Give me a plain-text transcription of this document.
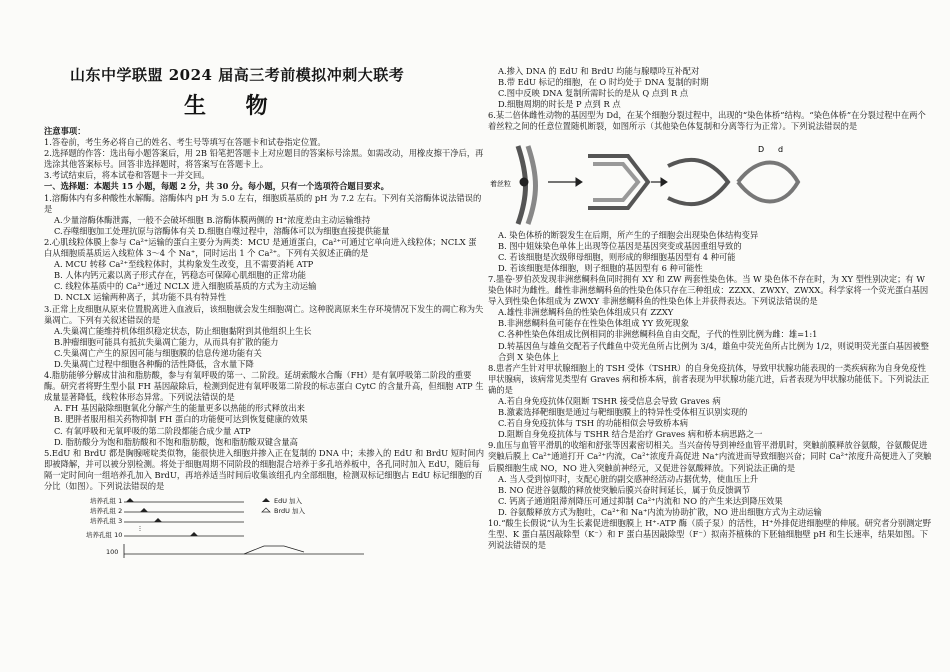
山东中学联盟 2024 届高三考前模拟冲刺大联考
生 物

注意事项：

1.答卷前，考生务必将自己的姓名、考生号等填写在答题卡和试卷指定位置。

2.选择题的作答：选出每小题答案后，用 2B 铅笔把答题卡上对应题目的答案标号涂黑。如需改动，用橡皮擦干净后，再选涂其他答案标号。回答非选择题时，将答案写在答题卡上。

3.考试结束后，将本试卷和答题卡一并交回。

一、选择题：本题共 15 小题，每题 2 分，共 30 分。每小题，只有一个选项符合题目要求。

1.溶酶体内有多种酸性水解酶。溶酶体内 pH 为 5.0 左右，细胞质基质的 pH 为 7.2 左右。下列有关溶酶体说法错误的是

A.少量溶酶体酶泄露，一般不会破坏细胞 B.溶酶体膜两侧的 H⁺浓度差由主动运输维持

C.吞噬细胞加工处理抗原与溶酶体有关 D.细胞自噬过程中，溶酶体可以为细胞直接提供能量

2.心肌线粒体膜上参与 Ca²⁺运输的蛋白主要分为两类：MCU 是通道蛋白，Ca²⁺可通过它单向进入线粒体；NCLX 蛋白从细胞质基质运入线粒体 3～4 个 Na⁺，同时运出 1 个 Ca²⁺。下列有关叙述正确的是

A. MCU 转移 Ca²⁺至线粒体时，其构象发生改变，且不需要消耗 ATP

B. 人体内钙元素以离子形式存在，钙稳态可保障心肌细胞的正常功能

C. 线粒体基质中的 Ca²⁺通过 NCLX 进入细胞质基质的方式为主动运输

D. NCLX 运输两种离子，其功能不具有特异性

3.正常上皮细胞从原来位置脱离进入血液后，该细胞就会发生细胞凋亡。这种脱离原来生存环境情况下发生的凋亡称为失巢凋亡。下列有关叙述错误的是

A.失巢凋亡能维持机体组织稳定状态，防止细胞黏附到其他组织上生长

B.肿瘤细胞可能具有抵抗失巢凋亡能力，从而具有扩散的能力

C.失巢凋亡产生的原因可能与细胞膜的信息传递功能有关

D.失巢凋亡过程中细胞各种酶的活性降低，含水量下降

4.脂肪能够分解成甘油和脂肪酸，参与有氧呼吸的第一、二阶段。延胡索酸水合酶（FH）是有氧呼吸第二阶段的重要酶。研究者将野生型小鼠 FH 基因敲除后，检测到促进有氧呼吸第二阶段的标志蛋白 CytC 的含量升高，但细胞 ATP 生成量显著降低，线粒体形态异常。下列说法错误的是

A. FH 基因敲除细胞氧化分解产生的能量更多以热能的形式释放出来

B. 肥胖者服用相关药物抑制 FH 蛋白的功能便可达到恢复健康的效果

C. 有氧呼吸和无氧呼吸的第二阶段都能合成少量 ATP

D. 脂肪酸分为饱和脂肪酸和不饱和脂肪酸，饱和脂肪酸双键含量高

5.EdU 和 BrdU 都是胸腺嘧啶类似物，能很快进入细胞并掺入正在复制的 DNA 中；未掺入的 EdU 和 BrdU 短时间内即被降解，并可以被分别检测。将处于细胞周期不同阶段的细胞混合培养于多孔培养板中，各孔同时加入 EdU，随后每隔一定时间向一组培养孔加入 BrdU，再培养适当时间后收集该组孔内全部细胞，检测双标记细胞占 EdU 标记细胞的百分比（如图）。下列说法错误的是

培养孔组 1
培养孔组 2
培养孔组 3
培养孔组 10
EdU 加入
BrdU 加入
100

A.掺入 DNA 的 EdU 和 BrdU 均能与腺嘌呤互补配对

B.带 EdU 标记的细胞，在 O 时均处于 DNA 复制的时期

C.图中反映 DNA 复制所需时长的是从 Q 点到 R 点

D.细胞周期的时长是 P 点到 R 点

6.某二倍体雌性动物的基因型为 Dd，在某个细胞分裂过程中，出现的“染色体桥”结构。“染色体桥”在分裂过程中在两个着丝粒之间的任意位置随机断裂，如图所示（其他染色体复制和分离等行为正常）。下列说法错误的是

着丝粒
D d

A. 染色体桥的断裂发生在后期，所产生的子细胞会出现染色体结构变异

B. 图中姐妹染色单体上出现等位基因是基因突变或基因重组导致的

C. 若该细胞是次级卵母细胞，则形成的卵细胞基因型有 4 种可能

D. 若该细胞是体细胞，则子细胞的基因型有 6 种可能性

7.墨卷·罗伯茨发现非洲慈鲷科鱼同时拥有 XY 和 ZW 两套性染色体。当 W 染色体不存在时，为 XY 型性别决定；有 W 染色体时为雌性。雌性非洲慈鲷科鱼的性染色体只存在三种组成：ZZXX、ZWXY、ZWXX。科学家将一个荧光蛋白基因导入到性染色体组成为 ZWXY 非洲慈鲷科鱼的性染色体上并获得表达。下列说法错误的是

A.雄性非洲慈鲷科鱼的性染色体组成只有 ZZXY

B.非洲慈鲷科鱼可能存在性染色体组成 YY 致死现象

C.各种性染色体组成比例相同的非洲慈鲷科鱼自由交配，子代的性别比例为雌：雄=1:1

D.转基因鱼与雄鱼交配若子代雌鱼中荧光鱼所占比例为 3/4，雄鱼中荧光鱼所占比例为 1/2，则说明荧光蛋白基因被整合到 X 染色体上

8.患者产生针对甲状腺细胞上的 TSH 受体（TSHR）的自身免疫抗体，导致甲状腺功能表现的一类疾病称为自身免疫性甲状腺病，该病常见类型有 Graves 病和桥本病，前者表现为甲状腺功能亢进，后者表现为甲状腺功能低下。下列说法正确的是

A.若自身免疫抗体仅阻断 TSHR 接受信息会导致 Graves 病

B.激素选择靶细胞是通过与靶细胞膜上的特异性受体相互识别实现的

C.若自身免疫抗体与 TSH 的功能相似会导致桥本病

D.阻断自身免疫抗体与 TSHR 结合是治疗 Graves 病和桥本病思路之一

9.血压与血管平滑肌的收缩和舒张等因素密切相关。当兴奋传导到神经血管平滑肌时，突触前膜释放谷氨酸，谷氨酸促进突触后膜上 Ca²⁺通道打开 Ca²⁺内流，Ca²⁺浓度升高促进 Na⁺内流进而导致细胞兴奋；同时 Ca²⁺浓度升高便进入了突触后膜细胞生成 NO，NO 进入突触前神经元，又促进谷氨酸释放。下列说法正确的是

A. 当人受到惊吓时，支配心脏的副交感神经活动占据优势，使血压上升

B. NO 促进谷氨酸的释放使突触后膜兴奋时间延长，属于负反馈调节

C. 钙离子通道阻滞剂降压可通过抑制 Ca²⁺内流和 NO 的产生来达到降压效果

D. 谷氨酸释放方式为胞吐，Ca²⁺和 Na⁺内流为协助扩散，NO 进出细胞方式为主动运输

10.“酸生长假说”认为生长素促进细胞膜上 H⁺-ATP 酶（质子泵）的活性，H⁺外排促进细胞壁的伸展。研究者分别测定野生型、K 蛋白基因敲除型（K⁻）和 F 蛋白基因敲除型（F⁻）拟南芥植株的下胚轴细胞壁 pH 和生长速率，结果如图。下列说法错误的是
